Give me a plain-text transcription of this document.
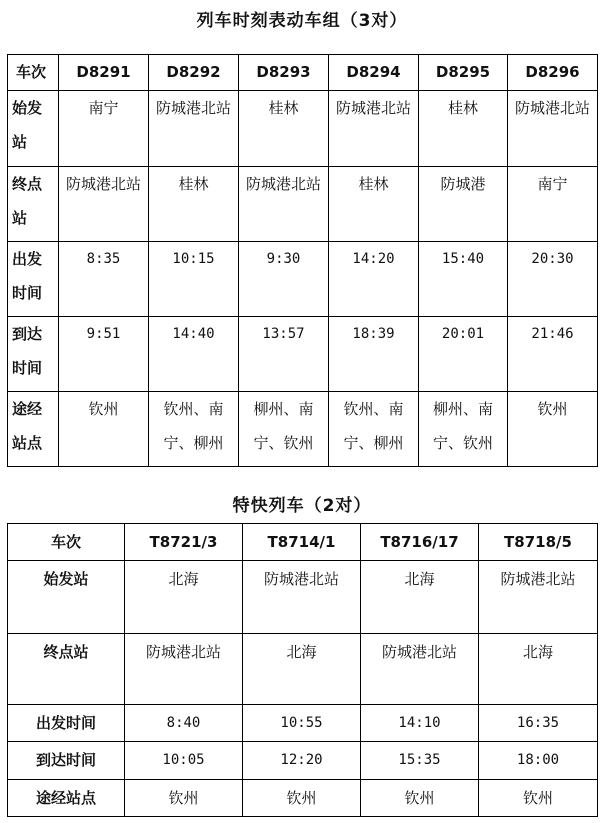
列车时刻表动车组（3对）
车次	D8291	D8292	D8293	D8294	D8295	D8296
始发站	南宁	防城港北站	桂林	防城港北站	桂林	防城港北站
终点站	防城港北站	桂林	防城港北站	桂林	防城港	南宁
出发时间	8:35	10:15	9:30	14:20	15:40	20:30
到达时间	9:51	14:40	13:57	18:39	20:01	21:46
途经站点	钦州	钦州、南宁、柳州	柳州、南宁、钦州	钦州、南宁、柳州	柳州、南宁、钦州	钦州
特快列车（2对）
车次	T8721/3	T8714/1	T8716/17	T8718/5
始发站	北海	防城港北站	北海	防城港北站
终点站	防城港北站	北海	防城港北站	北海
出发时间	8:40	10:55	14:10	16:35
到达时间	10:05	12:20	15:35	18:00
途经站点	钦州	钦州	钦州	钦州
